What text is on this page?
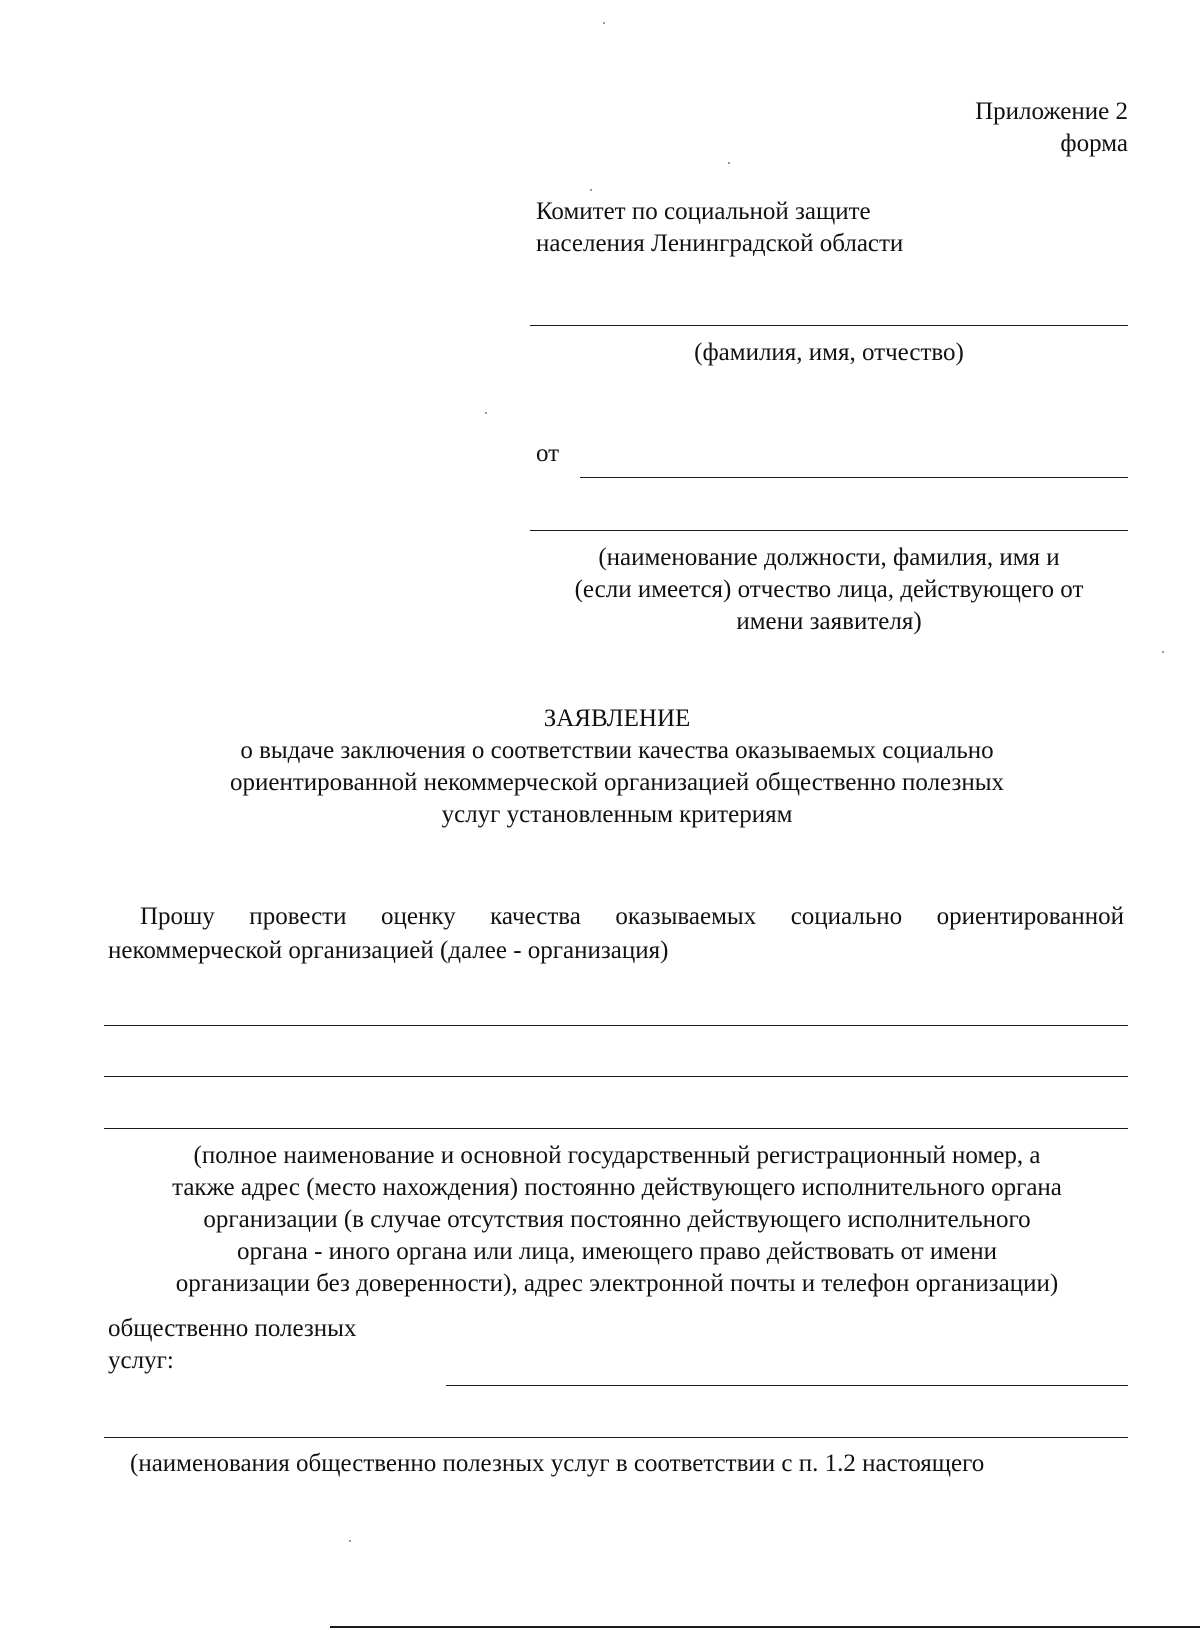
Приложение 2
форма
Комитет по социальной защите
населения Ленинградской области
(фамилия, имя, отчество)
от
(наименование должности, фамилия, имя и
(если имеется) отчество лица, действующего от
имени заявителя)
ЗАЯВЛЕНИЕ
о выдаче заключения о соответствии качества оказываемых социально
ориентированной некоммерческой организацией общественно полезных
услуг установленным критериям
Прошу провести оценку качества оказываемых социально ориентированной
некоммерческой организацией (далее - организация)
(полное наименование и основной государственный регистрационный номер, а
также адрес (место нахождения) постоянно действующего исполнительного органа
организации (в случае отсутствия постоянно действующего исполнительного
органа - иного органа или лица, имеющего право действовать от имени
организации без доверенности), адрес электронной почты и телефон организации)
общественно полезных
услуг:
(наименования общественно полезных услуг в соответствии с п. 1.2 настоящего
